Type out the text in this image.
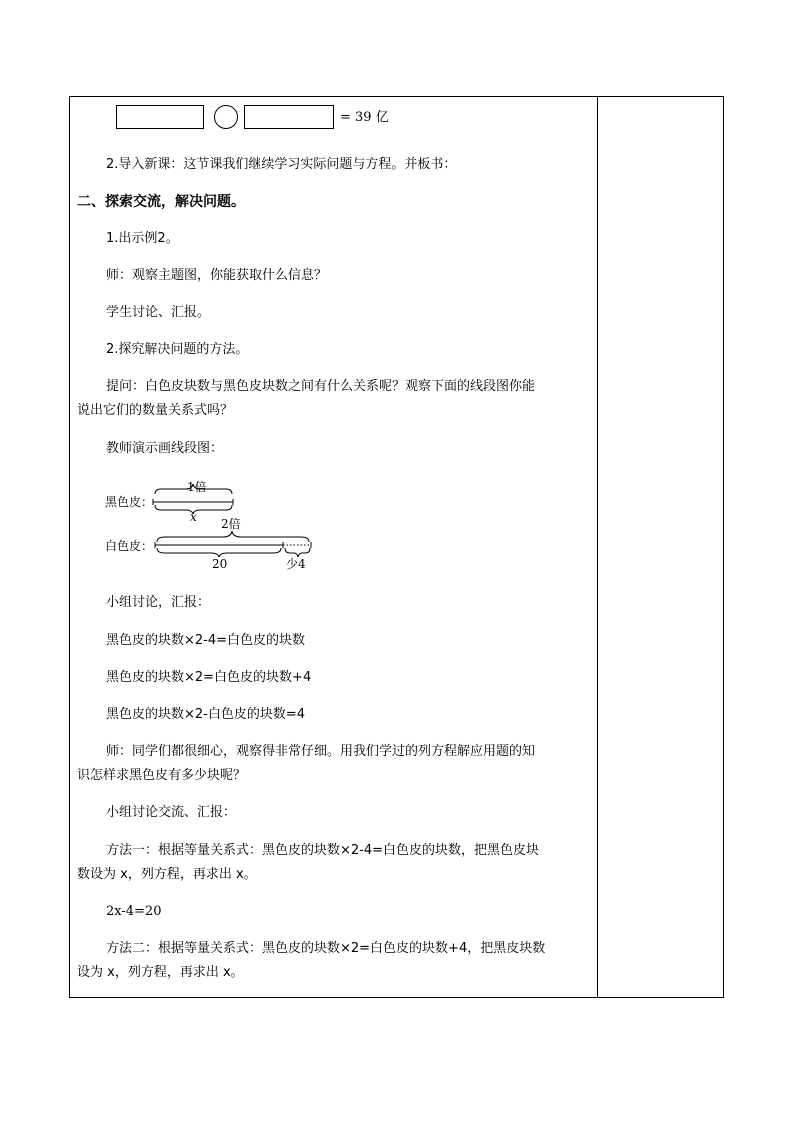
= 39 亿
2.导入新课：这节课我们继续学习实际问题与方程。并板书：
二、探索交流，解决问题。
1.出示例2。
师：观察主题图，你能获取什么信息？
学生讨论、汇报。
2.探究解决问题的方法。
提问：白色皮块数与黑色皮块数之间有什么关系呢？观察下面的线段图你能
说出它们的数量关系式吗？
教师演示画线段图：
黑色皮：
1倍
x
白色皮：
2倍
20	少4
小组讨论，汇报：
黑色皮的块数×2-4=白色皮的块数
黑色皮的块数×2=白色皮的块数+4
黑色皮的块数×2-白色皮的块数=4
师：同学们都很细心，观察得非常仔细。用我们学过的列方程解应用题的知
识怎样求黑色皮有多少块呢？
小组讨论交流、汇报：
方法一：根据等量关系式：黑色皮的块数×2-4=白色皮的块数，把黑色皮块
数设为 x，列方程，再求出 x。
2x-4=20
方法二：根据等量关系式：黑色皮的块数×2=白色皮的块数+4，把黑皮块数
设为 x，列方程，再求出 x。
